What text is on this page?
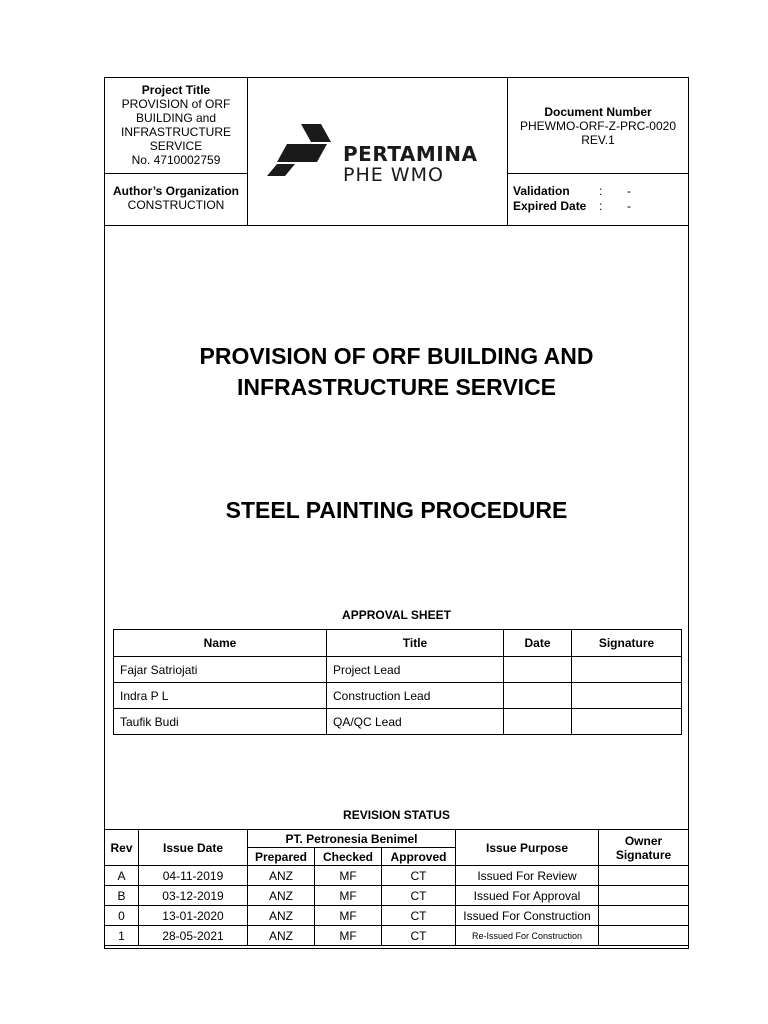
Project Title
PROVISION of ORF
BUILDING and
INFRASTRUCTURE
SERVICE
No. 4710002759
Author’s Organization
CONSTRUCTION
PERTAMINA
PHE WMO
Document Number
PHEWMO-ORF-Z-PRC-0020
REV.1
Validation : -
Expired Date : -
PROVISION OF ORF BUILDING AND
INFRASTRUCTURE SERVICE
STEEL PAINTING PROCEDURE
APPROVAL SHEET
Name	Title	Date	Signature
Fajar Satriojati	Project Lead		
Indra P L	Construction Lead		
Taufik Budi	QA/QC Lead		
REVISION STATUS
Rev	Issue Date	PT. Petronesia Benimel			Issue Purpose	Owner
Signature

		Prepared	Checked	Approved		
A	04-11-2019	ANZ	MF	CT	Issued For Review	
B	03-12-2019	ANZ	MF	CT	Issued For Approval	
0	13-01-2020	ANZ	MF	CT	Issued For Construction	
1	28-05-2021	ANZ	MF	CT	Re-Issued For Construction	
